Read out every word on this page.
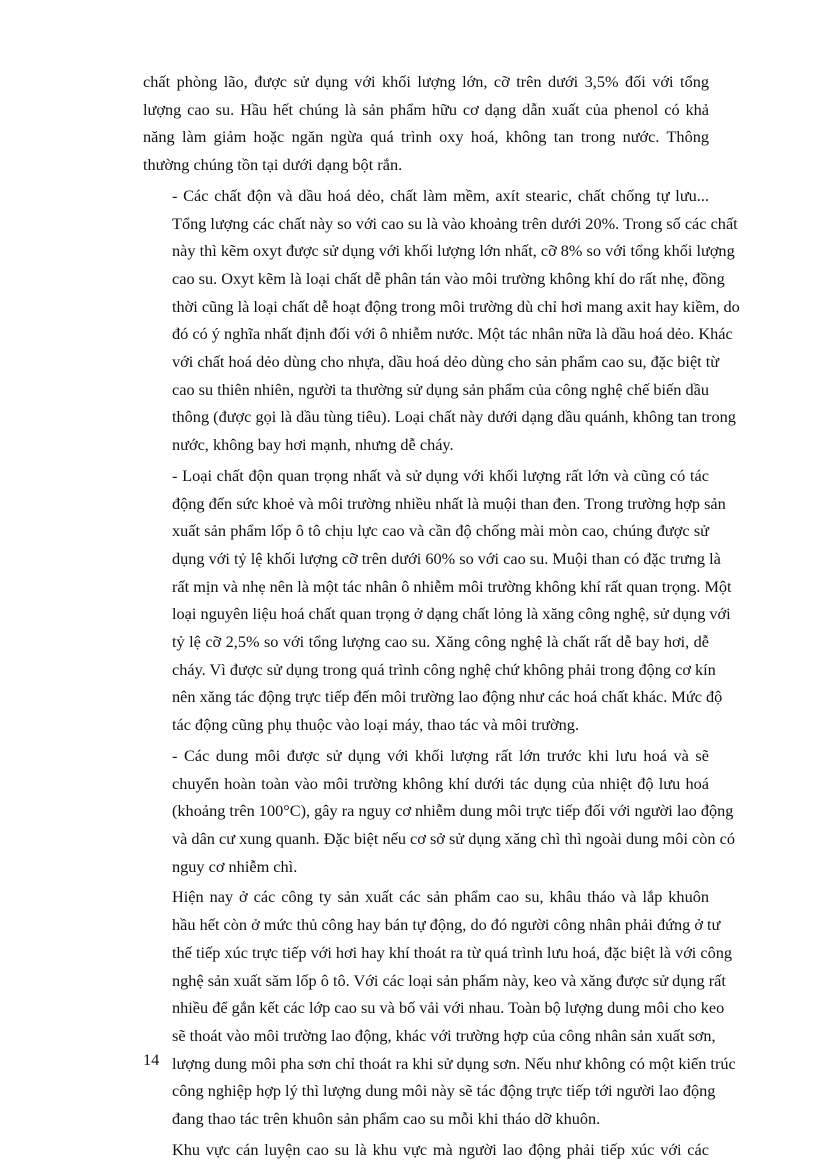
chất phòng lão, được sử dụng với khối lượng lớn, cỡ trên dưới 3,5% đối với tổng
lượng cao su. Hầu hết chúng là sản phẩm hữu cơ dạng dẫn xuất của phenol có khả
năng làm giảm hoặc ngăn ngừa quá trình oxy hoá, không tan trong nước. Thông
thường chúng tồn tại dưới dạng bột rắn.
- Các chất độn và dầu hoá dẻo, chất làm mềm, axít stearic, chất chống tự lưu...
Tổng lượng các chất này so với cao su là vào khoảng trên dưới 20%. Trong số các chất
này thì kẽm oxyt được sử dụng với khối lượng lớn nhất, cỡ 8% so với tổng khối lượng
cao su. Oxyt kẽm là loại chất dễ phân tán vào môi trường không khí do rất nhẹ, đồng
thời cũng là loại chất dễ hoạt động trong môi trường dù chỉ hơi mang axit hay kiềm, do
đó có ý nghĩa nhất định đối với ô nhiễm nước. Một tác nhân nữa là dầu hoá dẻo. Khác
với chất hoá dẻo dùng cho nhựa, dầu hoá dẻo dùng cho sản phẩm cao su, đặc biệt từ
cao su thiên nhiên, người ta thường sử dụng sản phẩm của công nghệ chế biến dầu
thông (được gọi là dầu tùng tiêu). Loại chất này dưới dạng dầu quánh, không tan trong
nước, không bay hơi mạnh, nhưng dễ cháy.
- Loại chất độn quan trọng nhất và sử dụng với khối lượng rất lớn và cũng có tác
động đến sức khoẻ và môi trường nhiều nhất là muội than đen. Trong trường hợp sản
xuất sản phẩm lốp ô tô chịu lực cao và cần độ chống mài mòn cao, chúng được sử
dụng với tỷ lệ khối lượng cỡ trên dưới 60% so với cao su. Muội than có đặc trưng là
rất mịn và nhẹ nên là một tác nhân ô nhiễm môi trường không khí rất quan trọng. Một
loại nguyên liệu hoá chất quan trọng ở dạng chất lỏng là xăng công nghệ, sử dụng với
tỷ lệ cỡ 2,5% so với tổng lượng cao su. Xăng công nghệ là chất rất dễ bay hơi, dễ
cháy. Vì được sử dụng trong quá trình công nghệ chứ không phải trong động cơ kín
nên xăng tác động trực tiếp đến môi trường lao động như các hoá chất khác. Mức độ
tác động cũng phụ thuộc vào loại máy, thao tác và môi trường.
- Các dung môi được sử dụng với khối lượng rất lớn trước khi lưu hoá và sẽ
chuyển hoàn toàn vào môi trường không khí dưới tác dụng của nhiệt độ lưu hoá
(khoảng trên 100°C), gây ra nguy cơ nhiễm dung môi trực tiếp đối với người lao động
và dân cư xung quanh. Đặc biệt nếu cơ sở sử dụng xăng chì thì ngoài dung môi còn có
nguy cơ nhiễm chì.
Hiện nay ở các công ty sản xuất các sản phẩm cao su, khâu tháo và lắp khuôn
hầu hết còn ở mức thủ công hay bán tự động, do đó người công nhân phải đứng ở tư
thế tiếp xúc trực tiếp với hơi hay khí thoát ra từ quá trình lưu hoá, đặc biệt là với công
nghệ sản xuất săm lốp ô tô. Với các loại sản phẩm này, keo và xăng được sử dụng rất
nhiều để gắn kết các lớp cao su và bố vải với nhau. Toàn bộ lượng dung môi cho keo
sẽ thoát vào môi trường lao động, khác với trường hợp của công nhân sản xuất sơn,
lượng dung môi pha sơn chỉ thoát ra khi sử dụng sơn. Nếu như không có một kiến trúc
công nghiệp hợp lý thì lượng dung môi này sẽ tác động trực tiếp tới người lao động
đang thao tác trên khuôn sản phẩm cao su mỗi khi tháo dỡ khuôn.
Khu vực cán luyện cao su là khu vực mà người lao động phải tiếp xúc với các
14
